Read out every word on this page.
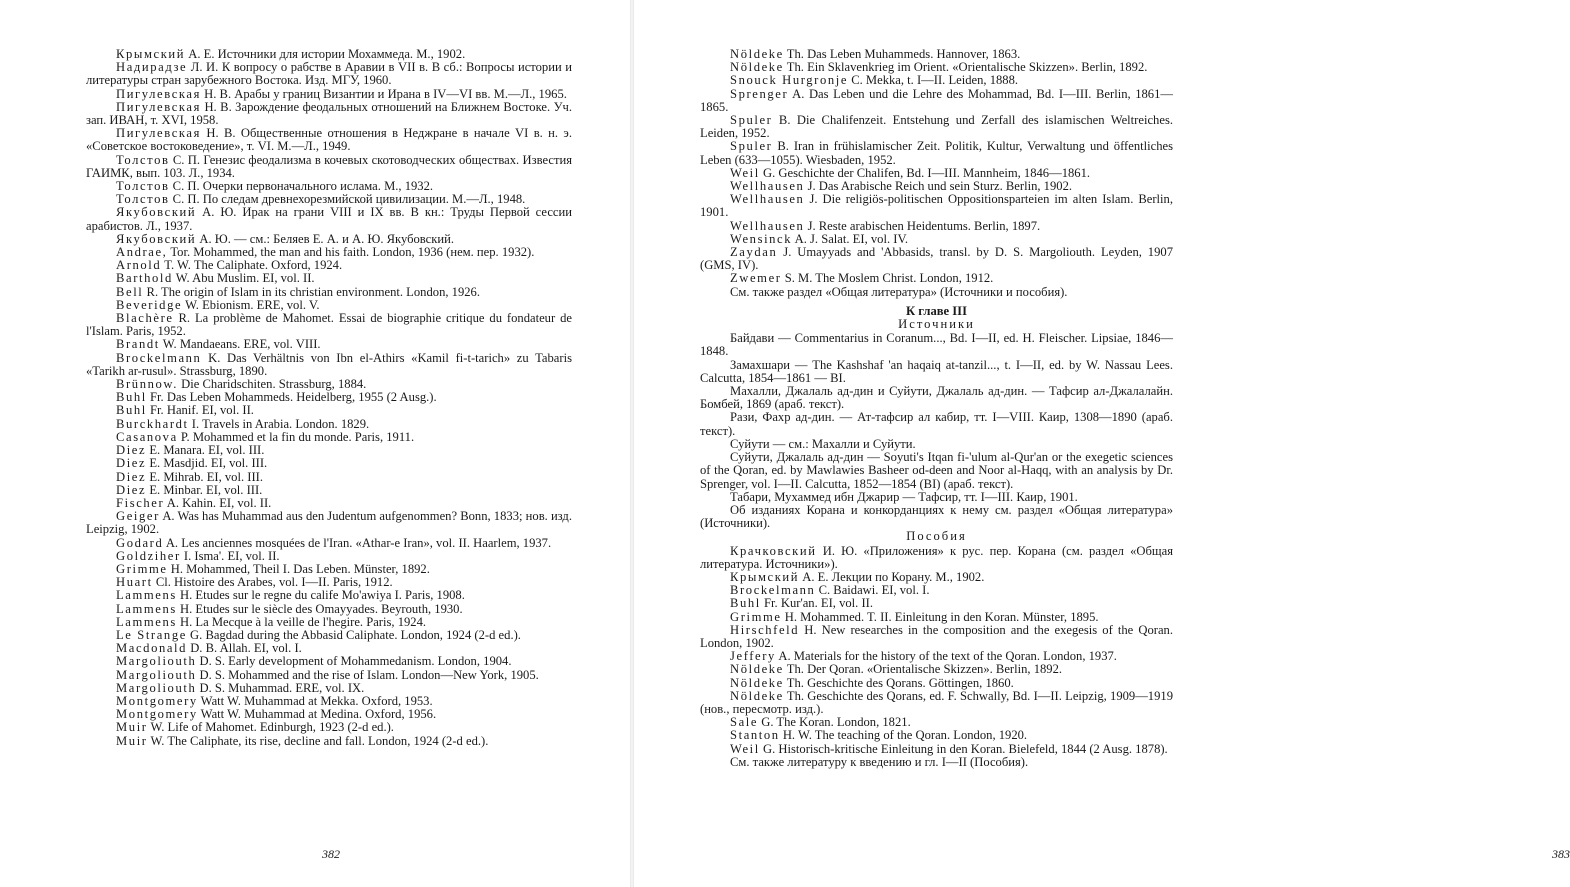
Крымский А. Е. Источники для истории Мохаммеда. М., 1902.

Надирадзе Л. И. К вопросу о рабстве в Аравии в VII в. В сб.: Вопросы истории и литературы стран зарубежного Востока. Изд. МГУ, 1960.

Пигулевская Н. В. Арабы у границ Византии и Ирана в IV—VI вв. М.—Л., 1965.

Пигулевская Н. В. Зарождение феодальных отношений на Ближнем Востоке. Уч. зап. ИВАН, т. XVI, 1958.

Пигулевская Н. В. Общественные отношения в Неджране в начале VI в. н. э. «Советское востоковедение», т. VI. М.—Л., 1949.

Толстов С. П. Генезис феодализма в кочевых скотоводческих обществах. Известия ГАИМК, вып. 103. Л., 1934.

Толстов С. П. Очерки первоначального ислама. М., 1932.

Толстов С. П. По следам древнехорезмийской цивилизации. М.—Л., 1948.

Якубовский А. Ю. Ирак на грани VIII и IX вв. В кн.: Труды Первой сессии арабистов. Л., 1937.

Якубовский А. Ю. — см.: Беляев Е. А. и А. Ю. Якубовский.

Andrae, Tor. Mohammed, the man and his faith. London, 1936 (нем. пер. 1932).

Arnold T. W. The Caliphate. Oxford, 1924.

Barthold W. Abu Muslim. EI, vol. II.

Bell R. The origin of Islam in its christian environment. London, 1926.

Beveridge W. Ebionism. ERE, vol. V.

Blachère R. La problème de Mahomet. Essai de biographie critique du fondateur de l'Islam. Paris, 1952.

Brandt W. Mandaeans. ERE, vol. VIII.

Brockelmann K. Das Verhältnis von Ibn el-Athirs «Kamil fi-t-tarich» zu Tabaris «Tarikh ar-rusul». Strassburg, 1890.

Brünnow. Die Charidschiten. Strassburg, 1884.

Buhl Fr. Das Leben Mohammeds. Heidelberg, 1955 (2 Ausg.).

Buhl Fr. Hanif. EI, vol. II.

Burckhardt I. Travels in Arabia. London. 1829.

Casanova P. Mohammed et la fin du monde. Paris, 1911.

Diez E. Manara. EI, vol. III.

Diez E. Masdjid. EI, vol. III.

Diez E. Mihrab. EI, vol. III.

Diez E. Minbar. EI, vol. III.

Fischer A. Kahin. EI, vol. II.

Geiger A. Was has Muhammad aus den Judentum aufgenommen? Bonn, 1833; нов. изд. Leipzig, 1902.

Godard A. Les anciennes mosquées de l'Iran. «Athar-e Iran», vol. II. Haarlem, 1937.

Goldziher I. Isma'. EI, vol. II.

Grimme H. Mohammed, Theil I. Das Leben. Münster, 1892.

Huart Cl. Histoire des Arabes, vol. I—II. Paris, 1912.

Lammens H. Etudes sur le regne du calife Mo'awiya I. Paris, 1908.

Lammens H. Etudes sur le siècle des Omayyades. Beyrouth, 1930.

Lammens H. La Mecque à la veille de l'hegire. Paris, 1924.

Le Strange G. Bagdad during the Abbasid Caliphate. London, 1924 (2-d ed.).

Macdonald D. B. Allah. EI, vol. I.

Margoliouth D. S. Early development of Mohammedanism. London, 1904.

Margoliouth D. S. Mohammed and the rise of Islam. London—New York, 1905.

Margoliouth D. S. Muhammad. ERE, vol. IX.

Montgomery Watt W. Muhammad at Mekka. Oxford, 1953.

Montgomery Watt W. Muhammad at Medina. Oxford, 1956.

Muir W. Life of Mahomet. Edinburgh, 1923 (2-d ed.).

Muir W. The Caliphate, its rise, decline and fall. London, 1924 (2-d ed.).

382

Nöldeke Th. Das Leben Muhammeds. Hannover, 1863.

Nöldeke Th. Ein Sklavenkrieg im Orient. «Orientalische Skizzen». Berlin, 1892.

Snouck Hurgronje C. Mekka, t. I—II. Leiden, 1888.

Sprenger A. Das Leben und die Lehre des Mohammad, Bd. I—III. Berlin, 1861—1865.

Spuler B. Die Chalifenzeit. Entstehung und Zerfall des islamischen Weltreiches. Leiden, 1952.

Spuler B. Iran in frühislamischer Zeit. Politik, Kultur, Verwaltung und öffentliches Leben (633—1055). Wiesbaden, 1952.

Weil G. Geschichte der Chalifen, Bd. I—III. Mannheim, 1846—1861.

Wellhausen J. Das Arabische Reich und sein Sturz. Berlin, 1902.

Wellhausen J. Die religiös-politischen Oppositionsparteien im alten Islam. Berlin, 1901.

Wellhausen J. Reste arabischen Heidentums. Berlin, 1897.

Wensinck A. J. Salat. EI, vol. IV.

Zaydan J. Umayyads and 'Abbasids, transl. by D. S. Margoliouth. Leyden, 1907 (GMS, IV).

Zwemer S. M. The Moslem Christ. London, 1912.

См. также раздел «Общая литература» (Источники и пособия).

К главе III

Источники

Байдави — Commentarius in Coranum..., Bd. I—II, ed. H. Fleischer. Lipsiae, 1846—1848.

Замахшари — The Kashshaf 'an haqaiq at-tanzil..., t. I—II, ed. by W. Nassau Lees. Calcutta, 1854—1861 — BI.

Махалли, Джалаль ад-дин и Суйути, Джалаль ад-дин. — Тафсир ал-Джалалайн. Бомбей, 1869 (араб. текст).

Рази, Фахр ад-дин. — Ат-тафсир ал кабир, тт. I—VIII. Каир, 1308—1890 (араб. текст).

Суйути — см.: Махалли и Суйути.

Суйути, Джалаль ад-дин — Soyuti's Itqan fi-'ulum al-Qur'an or the exegetic sciences of the Qoran, ed. by Mawlawies Basheer od-deen and Noor al-Haqq, with an analysis by Dr. Sprenger, vol. I—II. Calcutta, 1852—1854 (BI) (араб. текст).

Табари, Мухаммед ибн Джарир — Тафсир, тт. I—III. Каир, 1901.

Об изданиях Корана и конкорданциях к нему см. раздел «Общая литература» (Источники).

Пособия

Крачковский И. Ю. «Приложения» к рус. пер. Корана (см. раздел «Общая литература. Источники»).

Крымский А. Е. Лекции по Корану. М., 1902.

Brockelmann C. Baidawi. EI, vol. I.

Buhl Fr. Kur'an. EI, vol. II.

Grimme H. Mohammed. T. II. Einleitung in den Koran. Münster, 1895.

Hirschfeld H. New researches in the composition and the exegesis of the Qoran. London, 1902.

Jeffery A. Materials for the history of the text of the Qoran. London, 1937.

Nöldeke Th. Der Qoran. «Orientalische Skizzen». Berlin, 1892.

Nöldeke Th. Geschichte des Qorans. Göttingen, 1860.

Nöldeke Th. Geschichte des Qorans, ed. F. Schwally, Bd. I—II. Leipzig, 1909—1919 (нов., пересмотр. изд.).

Sale G. The Koran. London, 1821.

Stanton H. W. The teaching of the Qoran. London, 1920.

Weil G. Historisch-kritische Einleitung in den Koran. Bielefeld, 1844 (2 Ausg. 1878).

См. также литературу к введению и гл. I—II (Пособия).

383
